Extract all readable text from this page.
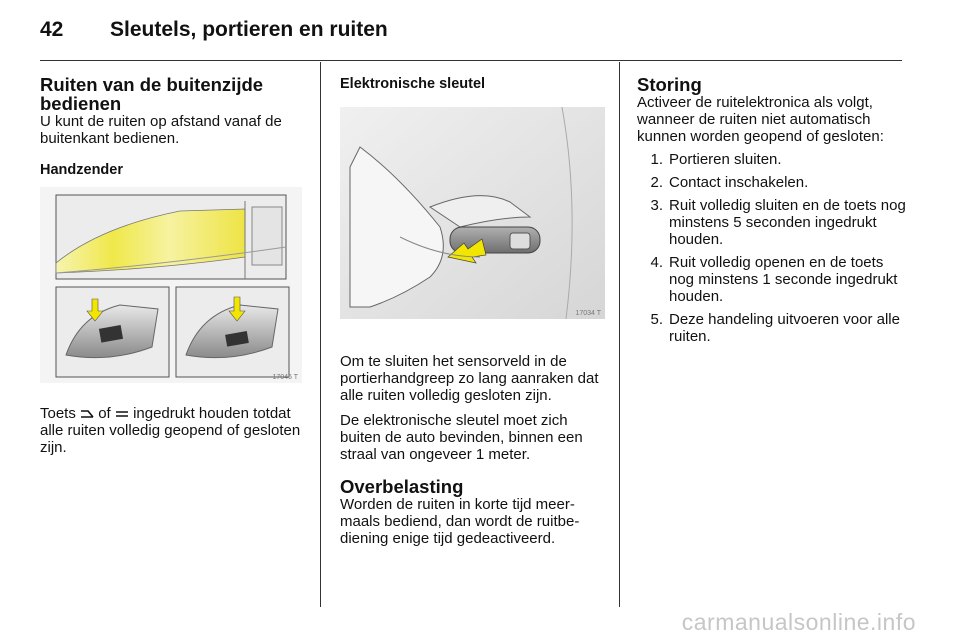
42	Sleutels, portieren en ruiten
Ruiten van de buitenzijde bedienen

U kunt de ruiten op afstand vanaf de buitenkant bedienen.

Handzender
17046 T

Toets of ingedrukt houden totdat alle ruiten volledig geopend of gesloten zijn.

Elektronische sleutel
17034 T

Om te sluiten het sensorveld in de portierhandgreep zo lang aanraken dat alle ruiten volledig gesloten zijn.

De elektronische sleutel moet zich buiten de auto bevinden, binnen een straal van ongeveer 1 meter.

Overbelasting

Worden de ruiten in korte tijd meermaals bediend, dan wordt de ruitbediening enige tijd gedeactiveerd.

Storing

Activeer de ruitelektronica als volgt, wanneer de ruiten niet automatisch kunnen worden geopend of gesloten:

1. Portieren sluiten.
2. Contact inschakelen.
3. Ruit volledig sluiten en de toets nog minstens 5 seconden ingedrukt houden.
4. Ruit volledig openen en de toets nog minstens 1 seconde ingedrukt houden.
5. Deze handeling uitvoeren voor alle ruiten.
carmanualsonline.info
